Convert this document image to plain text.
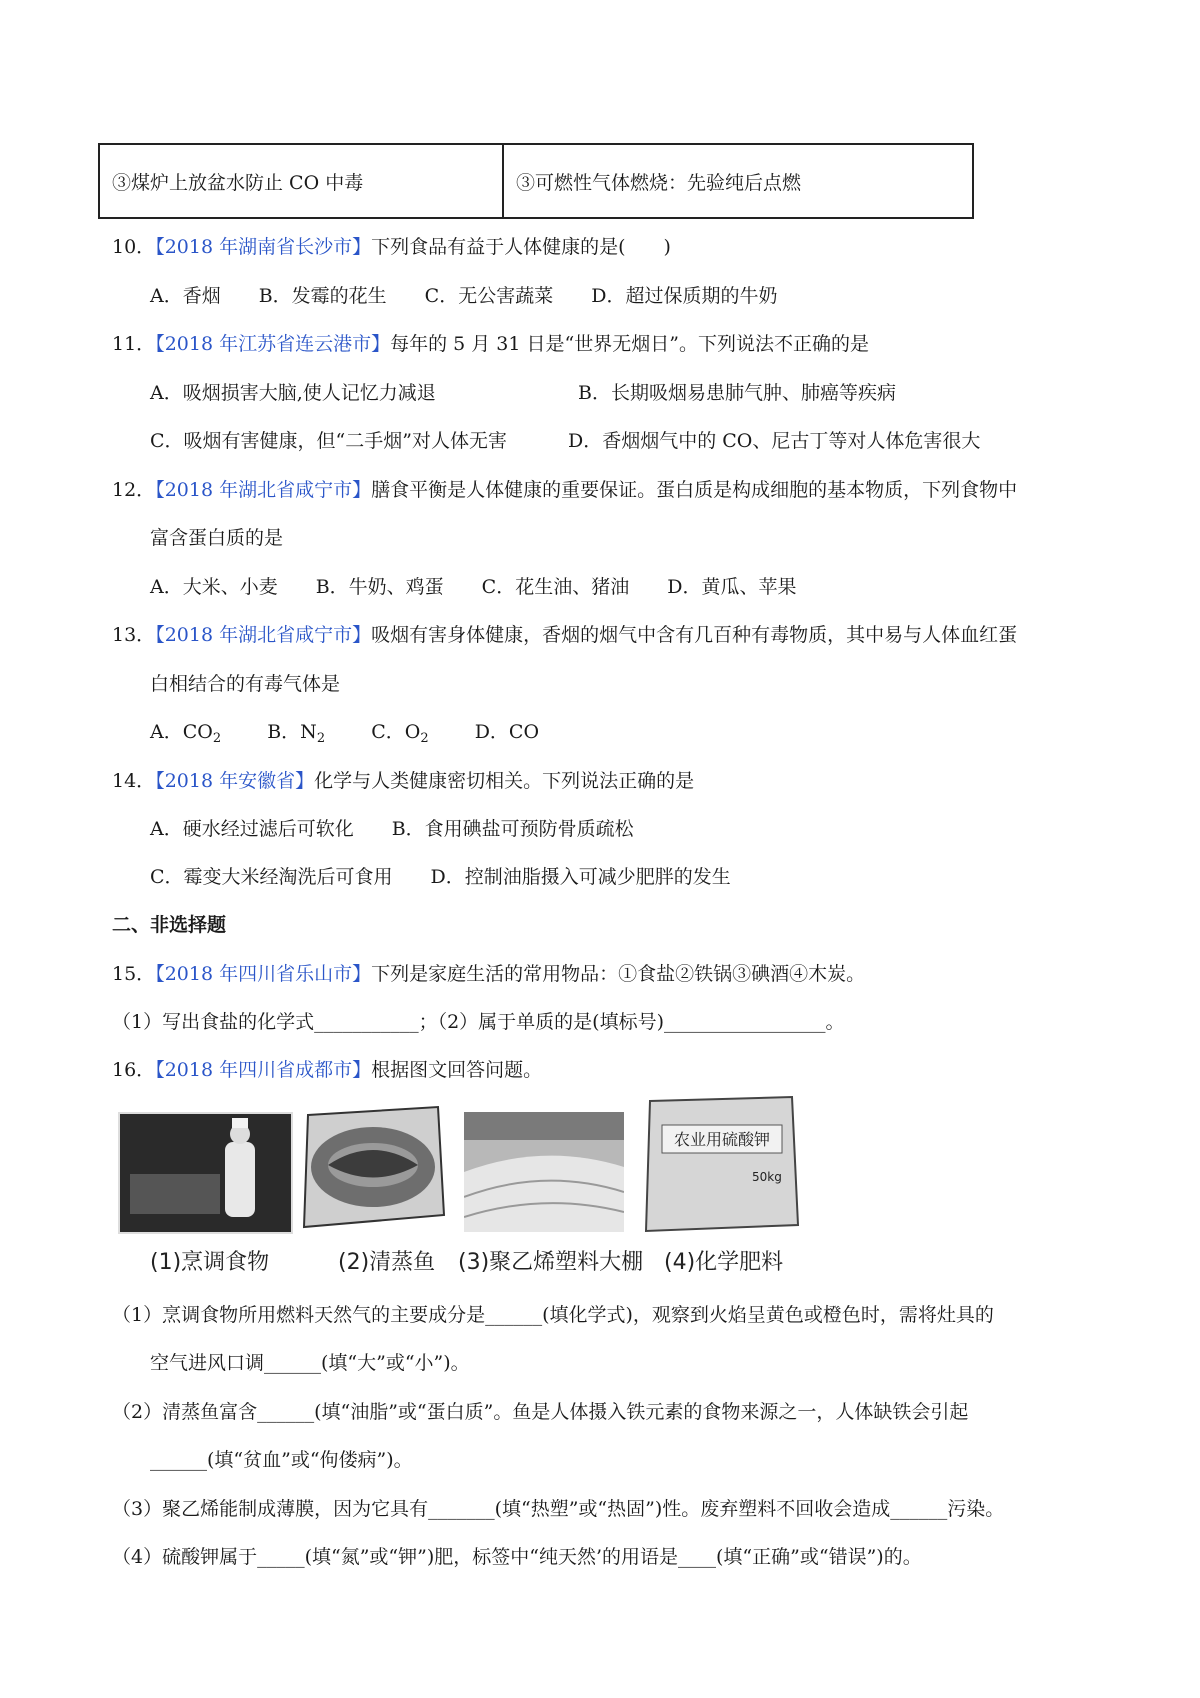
③煤炉上放盆水防止 CO 中毒	③可燃性气体燃烧：先验纯后点燃
10．【2018 年湖南省长沙市】下列食品有益于人体健康的是(　　)
A．香烟　　B．发霉的花生　　C．无公害蔬菜　　D．超过保质期的牛奶
11．【2018 年江苏省连云港市】每年的 5 月 31 日是“世界无烟日”。下列说法不正确的是
A．吸烟损害大脑,使人记忆力减退	B．长期吸烟易患肺气肿、肺癌等疾病
C．吸烟有害健康，但“二手烟”对人体无害	D．香烟烟气中的 CO、尼古丁等对人体危害很大
12．【2018 年湖北省咸宁市】膳食平衡是人体健康的重要保证。蛋白质是构成细胞的基本物质，下列食物中
富含蛋白质的是
A．大米、小麦　　B．牛奶、鸡蛋　　C．花生油、猪油　　D．黄瓜、苹果
13．【2018 年湖北省咸宁市】吸烟有害身体健康，香烟的烟气中含有几百种有毒物质，其中易与人体血红蛋
白相结合的有毒气体是
A．$CO_2$ B．$N_2$ C．$O_2$ D．CO
14．【2018 年安徽省】化学与人类健康密切相关。下列说法正确的是
A．硬水经过滤后可软化　　B．食用碘盐可预防骨质疏松
C．霉变大米经淘洗后可食用　　D．控制油脂摄入可减少肥胖的发生
二、非选择题
15．【2018 年四川省乐山市】下列是家庭生活的常用物品：①食盐②铁锅③碘酒④木炭。
（1）写出食盐的化学式___________；（2）属于单质的是(填标号)_________________。
16．【2018 年四川省成都市】根据图文回答问题。
农业用硫酸钾
50kg
(1)烹调食物	(2)清蒸鱼 (3)聚乙烯塑料大棚 (4)化学肥料
（1）烹调食物所用燃料天然气的主要成分是______(填化学式)，观察到火焰呈黄色或橙色时，需将灶具的
空气进风口调______(填“大”或“小”)。
（2）清蒸鱼富含______(填“油脂”或“蛋白质”。鱼是人体摄入铁元素的食物来源之一，人体缺铁会引起
______(填“贫血”或“佝偻病”)。
（3）聚乙烯能制成薄膜，因为它具有_______(填“热塑”或“热固”)性。废弃塑料不回收会造成______污染。
（4）硫酸钾属于_____(填“氮”或“钾”)肥，标签中“纯天然’的用语是____(填“正确”或“错误”)的。
